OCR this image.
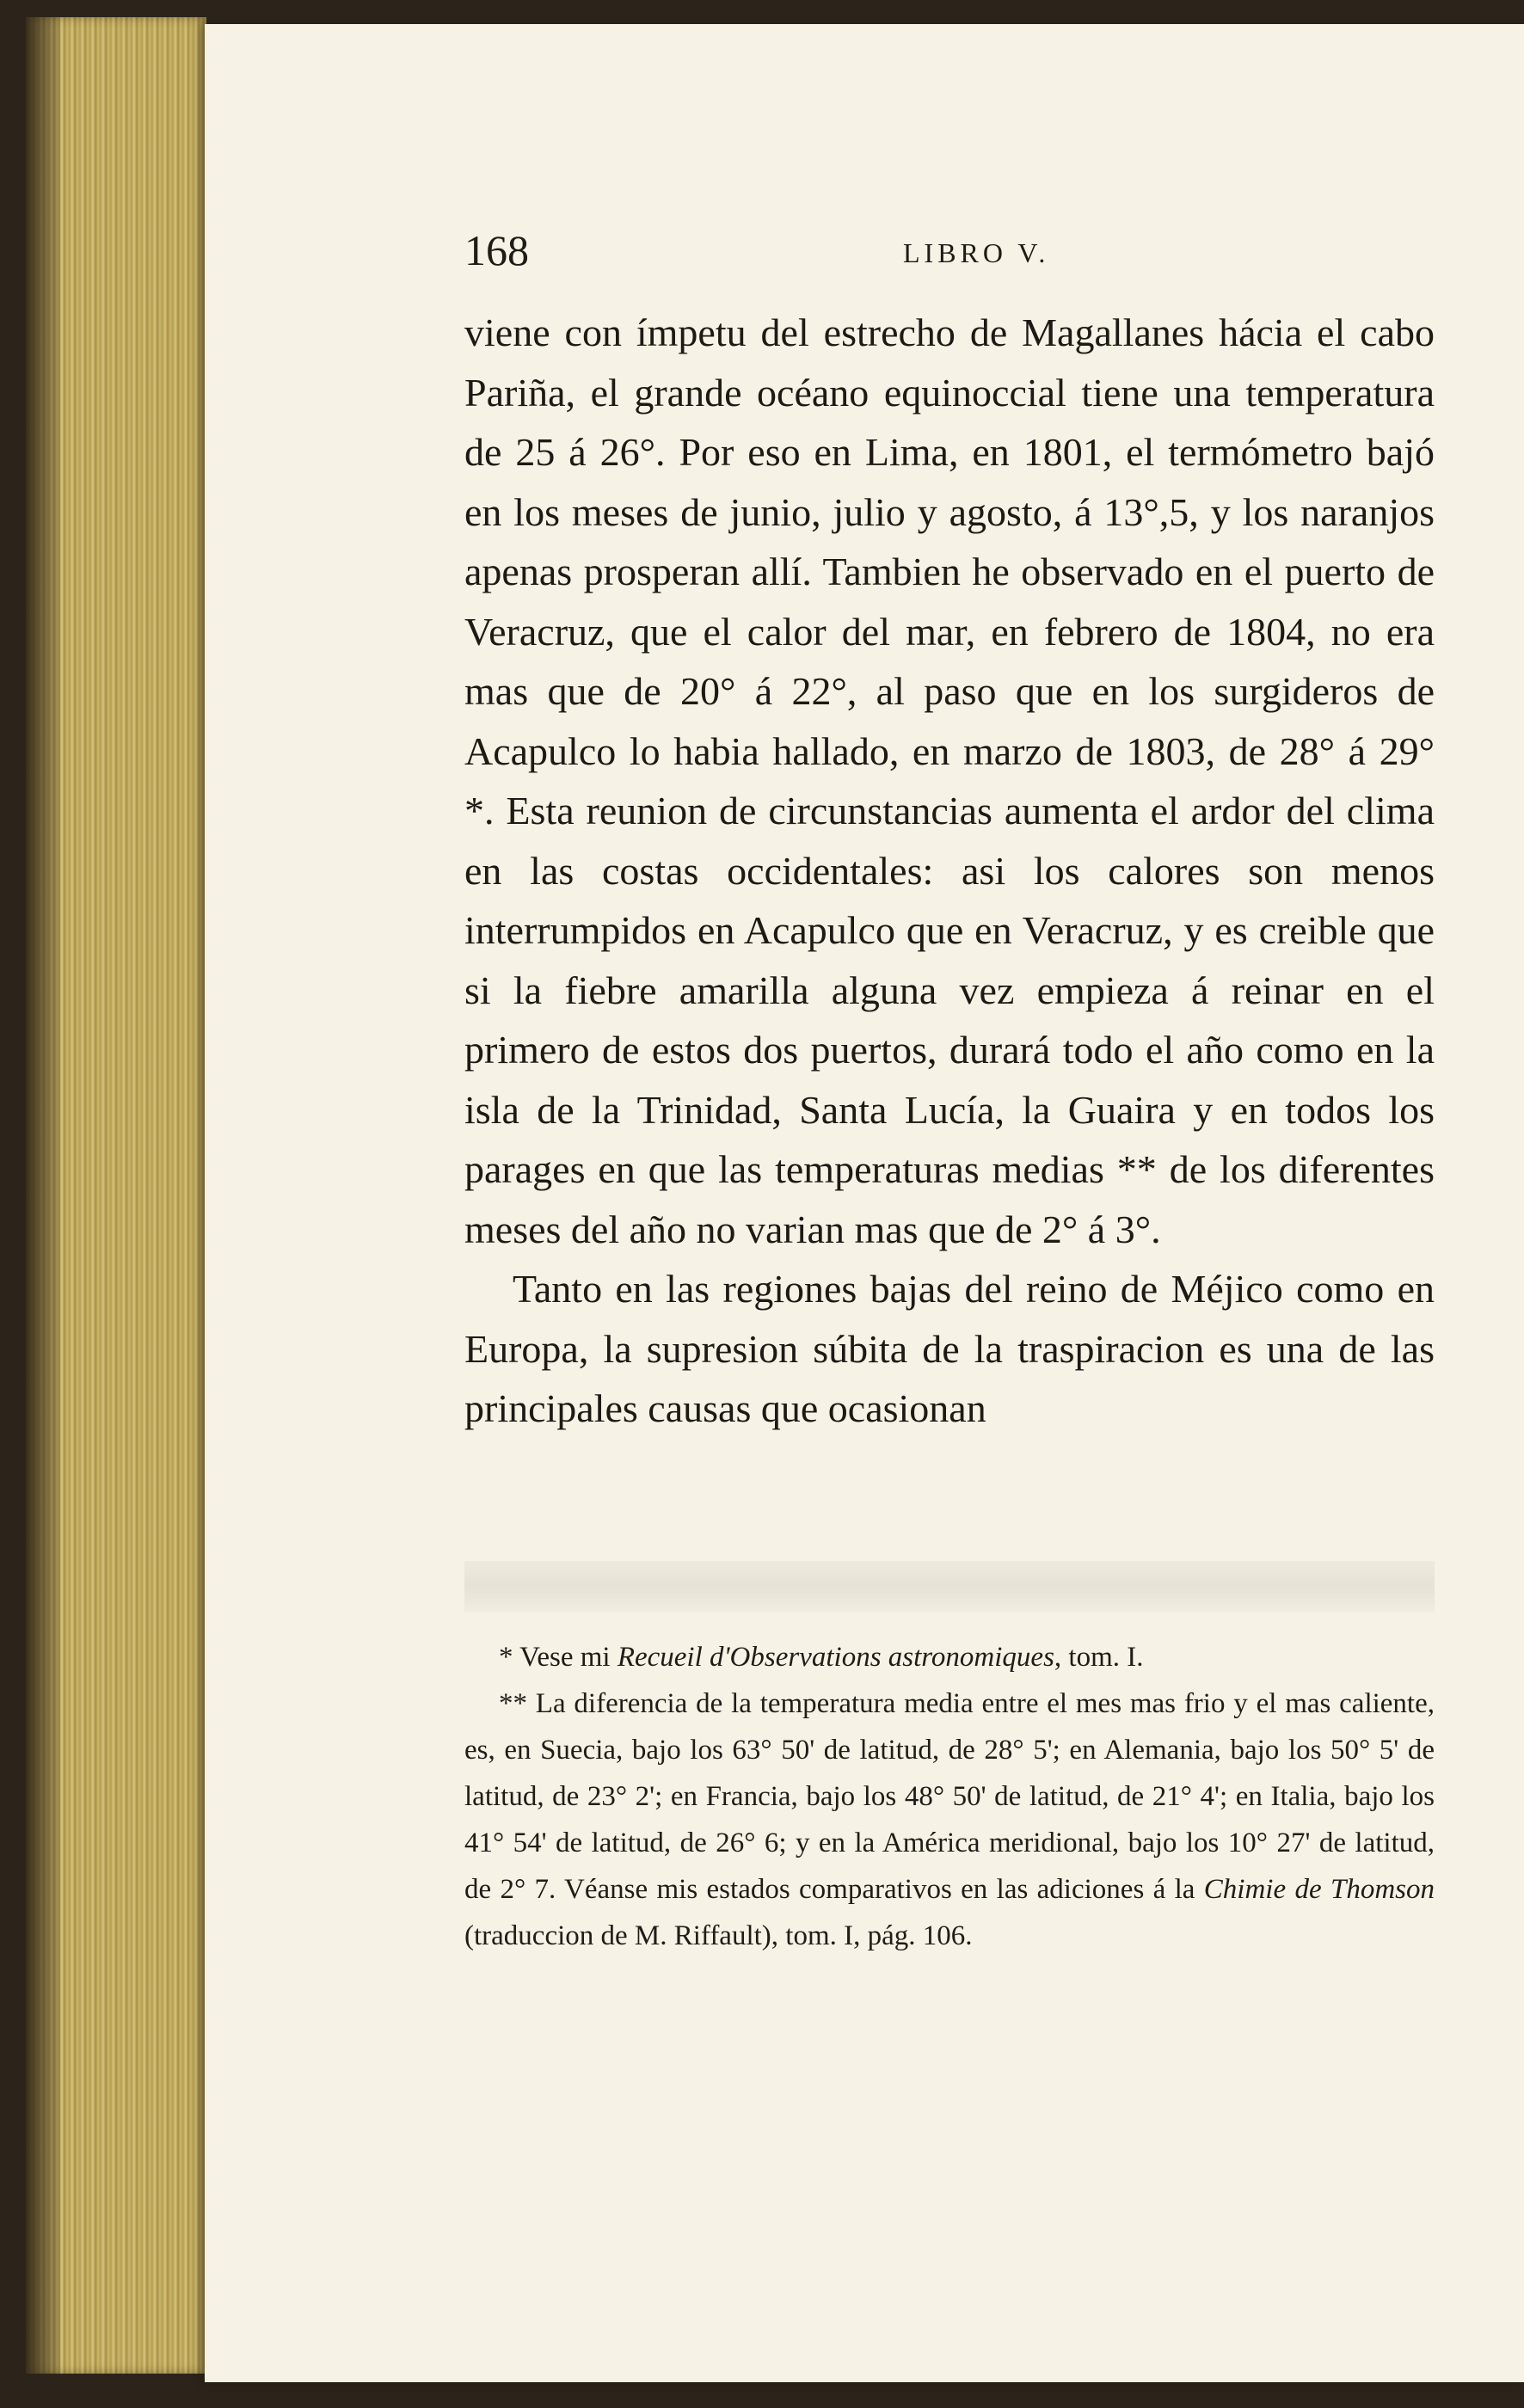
168	LIBRO V.

viene con ímpetu del estrecho de Magallanes hácia el cabo Pariña, el grande océano equinoccial tiene una temperatura de 25 á 26°. Por eso en Lima, en 1801, el termómetro bajó en los meses de junio, julio y agosto, á 13°,5, y los naranjos apenas prosperan allí. Tambien he observado en el puerto de Veracruz, que el calor del mar, en febrero de 1804, no era mas que de 20° á 22°, al paso que en los surgideros de Acapulco lo habia hallado, en marzo de 1803, de 28° á 29° *. Esta reunion de circunstancias aumenta el ardor del clima en las costas occidentales: asi los calores son menos interrumpidos en Acapulco que en Veracruz, y es creible que si la fiebre amarilla alguna vez empieza á reinar en el primero de estos dos puertos, durará todo el año como en la isla de la Trinidad, Santa Lucía, la Guaira y en todos los parages en que las temperaturas medias ** de los diferentes meses del año no varian mas que de 2° á 3°.

Tanto en las regiones bajas del reino de Méjico como en Europa, la supresion súbita de la traspiracion es una de las principales causas que ocasionan

* Vese mi Recueil d'Observations astronomiques, tom. I.

** La diferencia de la temperatura media entre el mes mas frio y el mas caliente, es, en Suecia, bajo los 63° 50' de latitud, de 28° 5'; en Alemania, bajo los 50° 5' de latitud, de 23° 2'; en Francia, bajo los 48° 50' de latitud, de 21° 4'; en Italia, bajo los 41° 54' de latitud, de 26° 6; y en la América meridional, bajo los 10° 27' de latitud, de 2° 7. Véanse mis estados comparativos en las adiciones á la Chimie de Thomson (traduccion de M. Riffault), tom. I, pág. 106.
